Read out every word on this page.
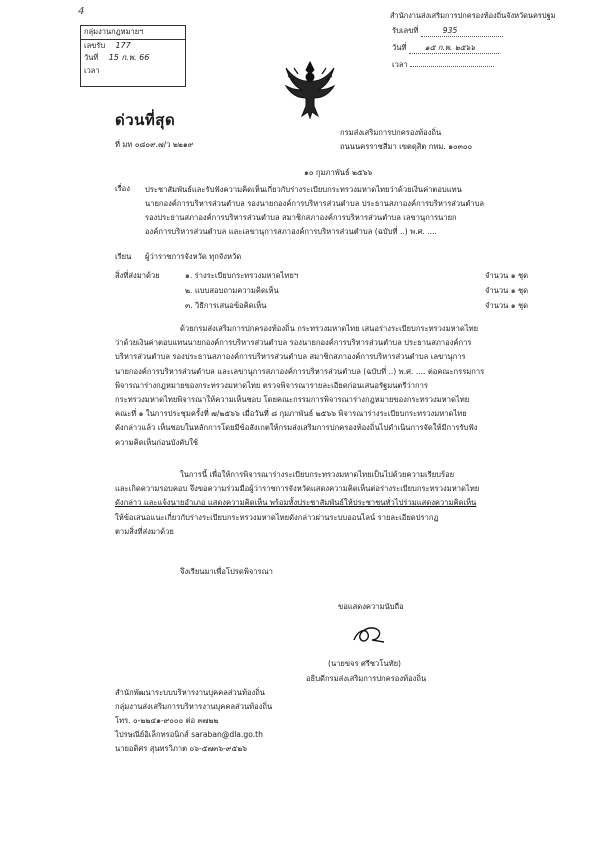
4
กลุ่มงานกฎหมายฯ
เลขรับ 177
วันที่ 15 ก.พ. 66
เวลา
สำนักงานส่งเสริมการปกครองท้องถิ่นจังหวัดนครปฐม
รับเลขที่	935
วันที่ ๑๕ ก.พ. ๒๕๖๖
เวลา
ด่วนที่สุด
ที่ มท ๐๘๐๙.๗/ว ๒๒๑๙
กรมส่งเสริมการปกครองท้องถิ่น
ถนนนครราชสีมา เขตดุสิต กทม. ๑๐๓๐๐
๑๐ กุมภาพันธ์ ๒๕๖๖
เรื่อง ประชาสัมพันธ์และรับฟังความคิดเห็นเกี่ยวกับร่างระเบียบกระทรวงมหาดไทยว่าด้วยเงินค่าตอบแทน
นายกองค์การบริหารส่วนตำบล รองนายกองค์การบริหารส่วนตำบล ประธานสภาองค์การบริหารส่วนตำบล
รองประธานสภาองค์การบริหารส่วนตำบล สมาชิกสภาองค์การบริหารส่วนตำบล เลขานุการนายก
องค์การบริหารส่วนตำบล และเลขานุการสภาองค์การบริหารส่วนตำบล (ฉบับที่ ..) พ.ศ. ....
เรียน ผู้ว่าราชการจังหวัด ทุกจังหวัด
สิ่งที่ส่งมาด้วย	๑. ร่างระเบียบกระทรวงมหาดไทยฯ	จำนวน ๑ ชุด
๒. แบบสอบถามความคิดเห็น	จำนวน ๑ ชุด
๓. วิธีการเสนอข้อคิดเห็น	จำนวน ๑ ชุด
ด้วยกรมส่งเสริมการปกครองท้องถิ่น กระทรวงมหาดไทย เสนอร่างระเบียบกระทรวงมหาดไทย
ว่าด้วยเงินค่าตอบแทนนายกองค์การบริหารส่วนตำบล รองนายกองค์การบริหารส่วนตำบล ประธานสภาองค์การ
บริหารส่วนตำบล รองประธานสภาองค์การบริหารส่วนตำบล สมาชิกสภาองค์การบริหารส่วนตำบล เลขานุการ
นายกองค์การบริหารส่วนตำบล และเลขานุการสภาองค์การบริหารส่วนตำบล (ฉบับที่ ..) พ.ศ. .... ต่อคณะกรรมการ
พิจารณาร่างกฎหมายของกระทรวงมหาดไทย ตรวจพิจารณารายละเอียดก่อนเสนอรัฐมนตรีว่าการ
กระทรวงมหาดไทยพิจารณาให้ความเห็นชอบ โดยคณะกรรมการพิจารณาร่างกฎหมายของกระทรวงมหาดไทย
คณะที่ ๑ ในการประชุมครั้งที่ ๗/๒๕๖๖ เมื่อวันที่ ๘ กุมภาพันธ์ ๒๕๖๖ พิจารณาร่างระเบียบกระทรวงมหาดไทย
ดังกล่าวแล้ว เห็นชอบในหลักการโดยมีข้อสังเกตให้กรมส่งเสริมการปกครองท้องถิ่นไปดำเนินการจัดให้มีการรับฟัง
ความคิดเห็นก่อนบังคับใช้
ในการนี้ เพื่อให้การพิจารณาร่างระเบียบกระทรวงมหาดไทยเป็นไปด้วยความเรียบร้อย
และเกิดความรอบคอบ จึงขอความร่วมมือผู้ว่าราชการจังหวัดแสดงความคิดเห็นต่อร่างระเบียบกระทรวงมหาดไทย
ดังกล่าว และแจ้งนายอำเภอ แสดงความคิดเห็น พร้อมทั้งประชาสัมพันธ์ให้ประชาชนทั่วไปร่วมแสดงความคิดเห็น
ให้ข้อเสนอแนะเกี่ยวกับร่างระเบียบกระทรวงมหาดไทยดังกล่าวผ่านระบบออนไลน์ รายละเอียดปรากฏ
ตามสิ่งที่ส่งมาด้วย
จึงเรียนมาเพื่อโปรดพิจารณา
ขอแสดงความนับถือ
(นายขจร ศรีชวโนทัย)
อธิบดีกรมส่งเสริมการปกครองท้องถิ่น
สำนักพัฒนาระบบบริหารงานบุคคลส่วนท้องถิ่น
กลุ่มงานส่งเสริมการบริหารงานบุคคลส่วนท้องถิ่น
โทร. ๐-๒๒๔๑-๙๐๐๐ ต่อ ๓๗๒๒
ไปรษณีย์อิเล็กทรอนิกส์ saraban@dla.go.th
นายอดิศร สุนทรวิภาต ๐๖-๕๗๓๖-๙๕๒๖
